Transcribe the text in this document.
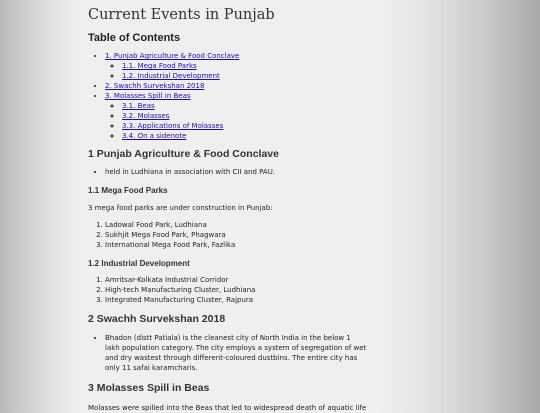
Current Events in Punjab
Table of Contents
• 1. Punjab Agriculture & Food Conclave
◦ 1.1. Mega Food Parks
◦ 1.2. Industrial Development
• 2. Swachh Survekshan 2018
• 3. Molasses Spill in Beas
◦ 3.1. Beas
◦ 3.2. Molasses
◦ 3.3. Applications of Molasses
◦ 3.4. On a sidenote
1 Punjab Agriculture & Food Conclave
• held in Ludhiana in association with CII and PAU.
1.1 Mega Food Parks

3 mega food parks are under construction in Punjab:

1. Ladowal Food Park, Ludhiana
2. Sukhjit Mega Food Park, Phagwara
3. International Mega Food Park, Fazlika
1.2 Industrial Development
1. Amritsar-Kolkata Industrial Corridor
2. High-tech Manufacturing Cluster, Ludhiana
3. Integrated Manufacturing Cluster, Rajpura
2 Swachh Survekshan 2018
• Bhadon (distt Patiala) is the cleanest city of North India in the below 1 lakh population category. The city employs a system of segregation of wet and dry wastest through different-coloured dustbins. The entire city has only 11 safai karamcharis.
3 Molasses Spill in Beas

Molasses were spilled into the Beas that led to widespread death of aquatic life
